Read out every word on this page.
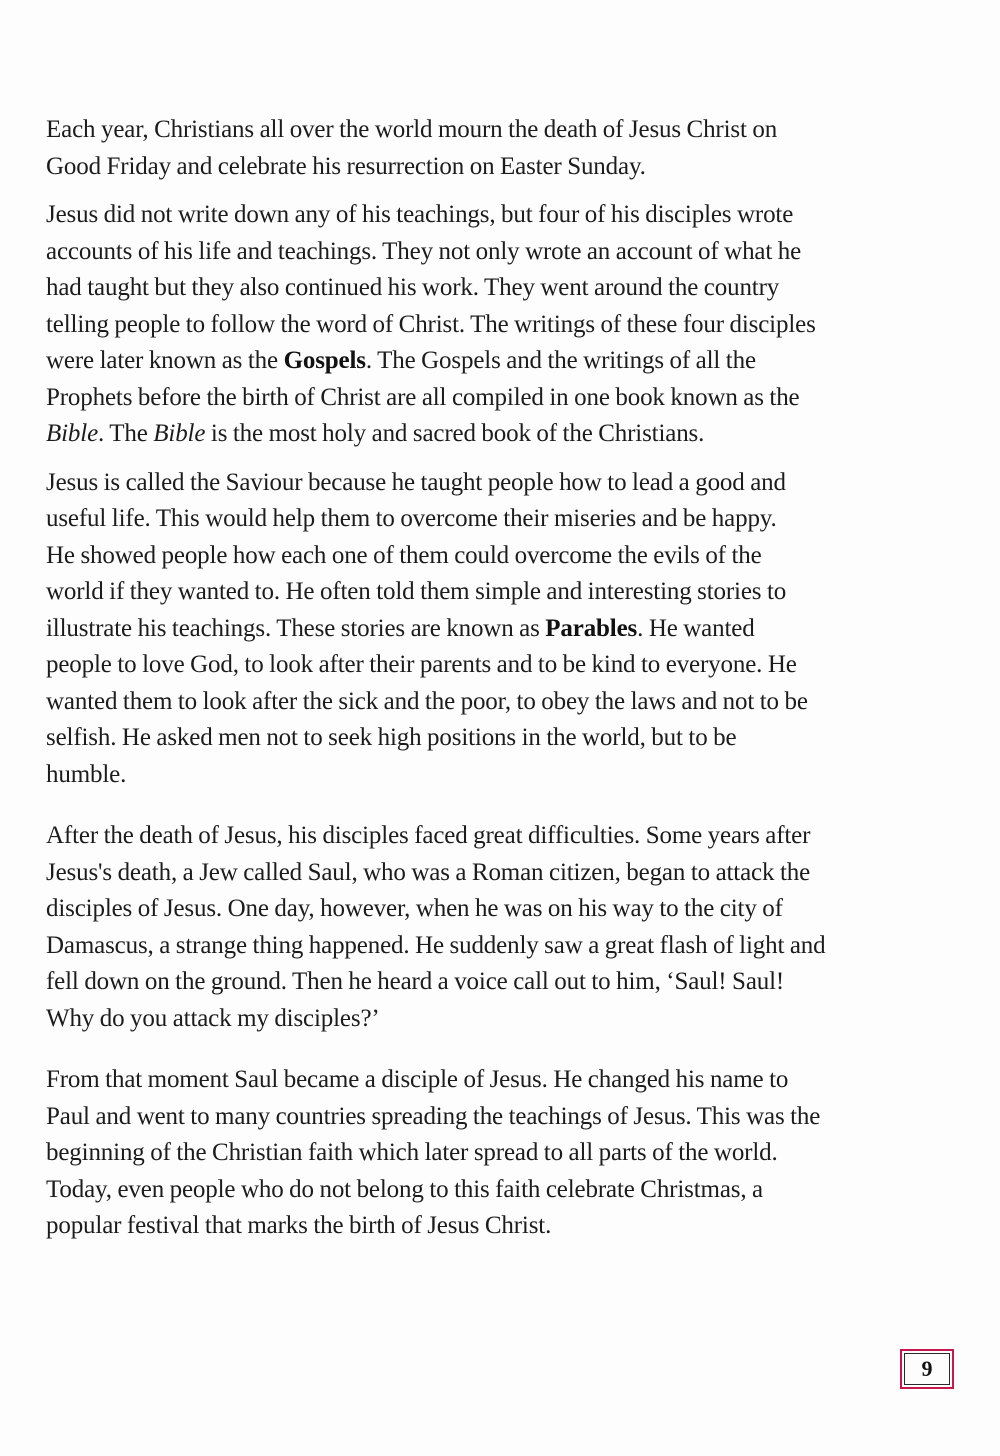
Each year, Christians all over the world mourn the death of Jesus Christ on
Good Friday and celebrate his resurrection on Easter Sunday.

Jesus did not write down any of his teachings, but four of his disciples wrote
accounts of his life and teachings. They not only wrote an account of what he
had taught but they also continued his work. They went around the country
telling people to follow the word of Christ. The writings of these four disciples
were later known as the Gospels. The Gospels and the writings of all the
Prophets before the birth of Christ are all compiled in one book known as the
Bible. The Bible is the most holy and sacred book of the Christians.

Jesus is called the Saviour because he taught people how to lead a good and
useful life. This would help them to overcome their miseries and be happy.
He showed people how each one of them could overcome the evils of the
world if they wanted to. He often told them simple and interesting stories to
illustrate his teachings. These stories are known as Parables. He wanted
people to love God, to look after their parents and to be kind to everyone. He
wanted them to look after the sick and the poor, to obey the laws and not to be
selfish. He asked men not to seek high positions in the world, but to be
humble.

After the death of Jesus, his disciples faced great difficulties. Some years after
Jesus's death, a Jew called Saul, who was a Roman citizen, began to attack the
disciples of Jesus. One day, however, when he was on his way to the city of
Damascus, a strange thing happened. He suddenly saw a great flash of light and
fell down on the ground. Then he heard a voice call out to him, ‘Saul! Saul!
Why do you attack my disciples?’

From that moment Saul became a disciple of Jesus. He changed his name to
Paul and went to many countries spreading the teachings of Jesus. This was the
beginning of the Christian faith which later spread to all parts of the world.
Today, even people who do not belong to this faith celebrate Christmas, a
popular festival that marks the birth of Jesus Christ.

9
